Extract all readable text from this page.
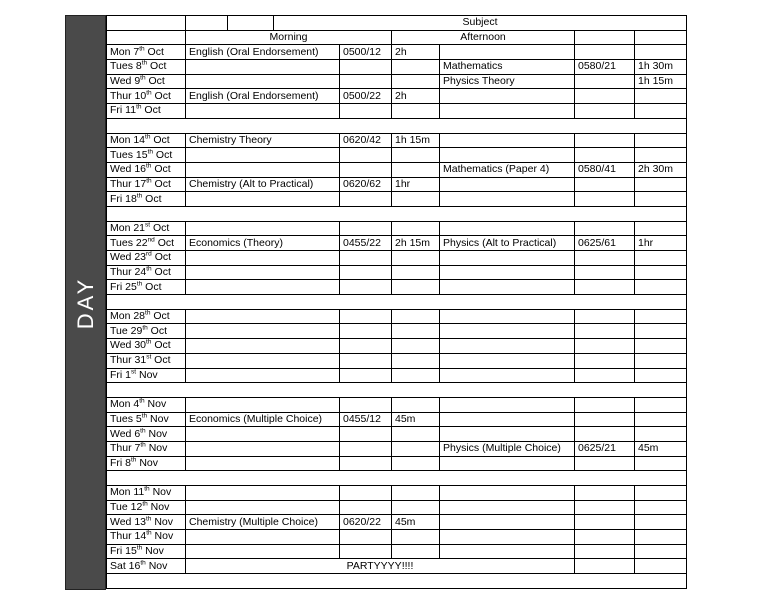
DAY
			Subject					
	Morning				Afternoon			
Mon 7th Oct	English (Oral Endorsement)			0500/12	2h			
Tues 8th Oct						Mathematics	0580/21	1h 30m
Wed 9th Oct						Physics Theory		1h 15m
Thur 10th Oct	English (Oral Endorsement)			0500/22	2h			
Fri 11th Oct								

Mon 14th Oct	Chemistry Theory			0620/42	1h 15m			
Tues 15th Oct								
Wed 16th Oct						Mathematics (Paper 4)	0580/41	2h 30m
Thur 17th Oct	Chemistry (Alt to Practical)			0620/62	1hr			
Fri 18th Oct								

Mon 21st Oct								
Tues 22nd Oct	Economics (Theory)			0455/22	2h 15m	Physics (Alt to Practical)	0625/61	1hr
Wed 23rd Oct								
Thur 24th Oct								
Fri 25th Oct								

Mon 28th Oct								
Tue 29th Oct								
Wed 30th Oct								
Thur 31st Oct								
Fri 1st Nov								

Mon 4th Nov								
Tues 5th Nov	Economics (Multiple Choice)			0455/12	45m			
Wed 6th Nov								
Thur 7th Nov						Physics (Multiple Choice)	0625/21	45m
Fri 8th Nov								

Mon 11th Nov								
Tue 12th Nov								
Wed 13th Nov	Chemistry (Multiple Choice)			0620/22	45m			
Thur 14th Nov								
Fri 15th Nov								
Sat 16th Nov	PARTYYYY!!!!							
